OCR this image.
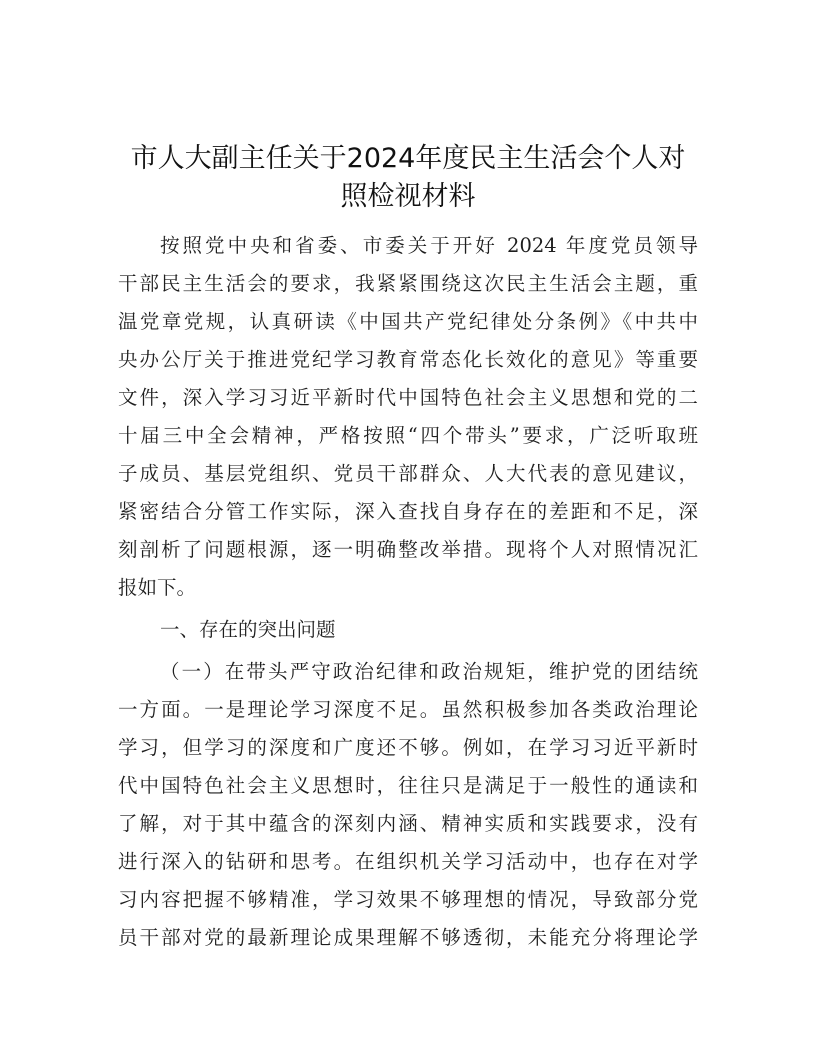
市人大副主任关于2024年度民主生活会个人对
照检视材料
按照党中央和省委、市委关于开好 2024 年度党员领导
干部民主生活会的要求，我紧紧围绕这次民主生活会主题，重
温党章党规，认真研读《中国共产党纪律处分条例》《中共中
央办公厅关于推进党纪学习教育常态化长效化的意见》等重要
文件，深入学习习近平新时代中国特色社会主义思想和党的二
十届三中全会精神，严格按照“四个带头”要求，广泛听取班
子成员、基层党组织、党员干部群众、人大代表的意见建议，
紧密结合分管工作实际，深入查找自身存在的差距和不足，深
刻剖析了问题根源，逐一明确整改举措。现将个人对照情况汇
报如下。
一、存在的突出问题
（一）在带头严守政治纪律和政治规矩，维护党的团结统
一方面。一是理论学习深度不足。虽然积极参加各类政治理论
学习，但学习的深度和广度还不够。例如，在学习习近平新时
代中国特色社会主义思想时，往往只是满足于一般性的通读和
了解，对于其中蕴含的深刻内涵、精神实质和实践要求，没有
进行深入的钻研和思考。在组织机关学习活动中，也存在对学
习内容把握不够精准，学习效果不够理想的情况，导致部分党
员干部对党的最新理论成果理解不够透彻，未能充分将理论学
